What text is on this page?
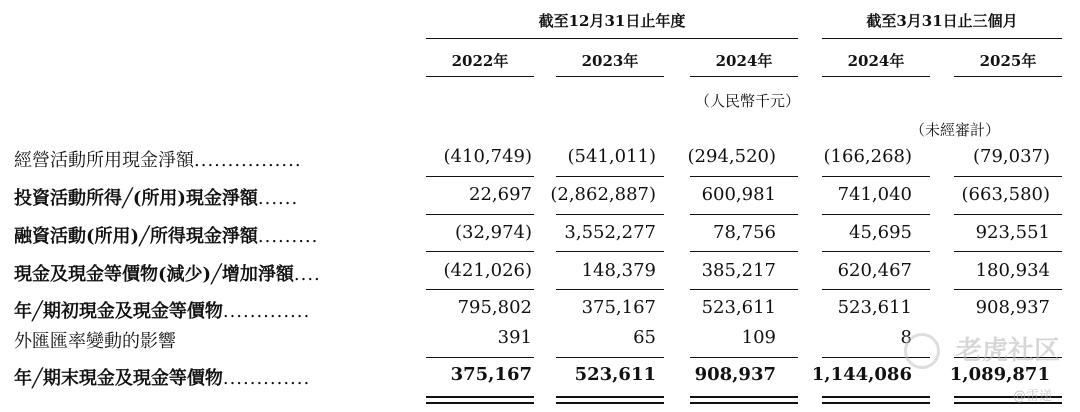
截至12月31日止年度	截至3月31日止三個月
2022年	2023年	2024年	2024年	2025年
（人民幣千元）
（未經審計）
經營活動所用現金淨額................	(410,749)	(541,011)	(294,520)	(166,268)	(79,037)
投資活動所得╱(所用)現金淨額......	22,697	(2,862,887)	600,981	741,040	(663,580)
融資活動(所用)╱所得現金淨額.........	(32,974)	3,552,277	78,756	45,695	923,551
現金及現金等價物(減少)╱增加淨額....	(421,026)	148,379	385,217	620,467	180,934
年╱期初現金及現金等價物.............	795,802	375,167	523,611	523,611	908,937
外匯匯率變動的影響	391	65	109	8
年╱期末現金及現金等價物.............	375,167	523,611	908,937	1,144,086	1,089,871
老虎社区
@雷递
